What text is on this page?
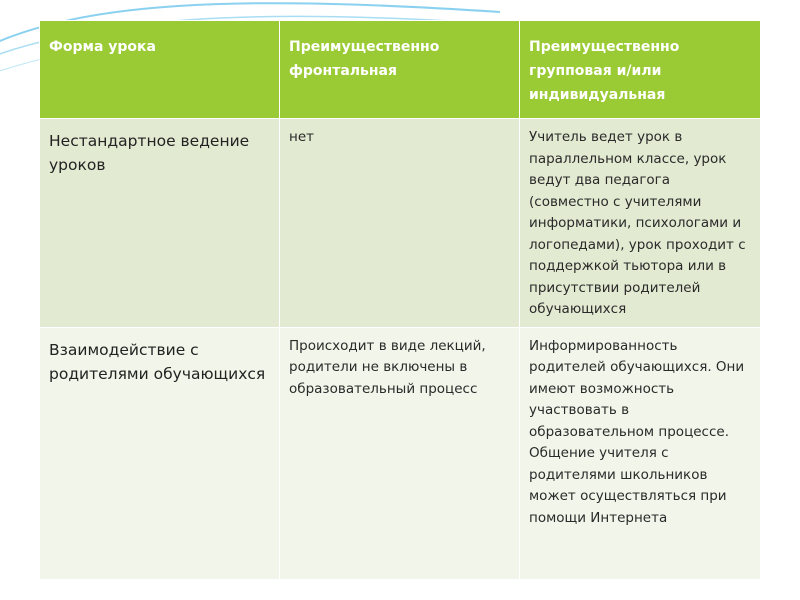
Форма урока	Преимущественно фронтальная	Преимущественно групповая и/или индивидуальная
Нестандартное ведение уроков	нет	Учитель ведет урок в параллельном классе, урок ведут два педагога (совместно с учителями информатики, психологами и логопедами), урок проходит с поддержкой тьютора или в присутствии родителей обучающихся
Взаимодействие с родителями обучающихся	Происходит в виде лекций, родители не включены в образовательный процесс	Информированность родителей обучающихся. Они имеют возможность участвовать в образовательном процессе. Общение учителя с родителями школьников может осуществляться при помощи Интернета
